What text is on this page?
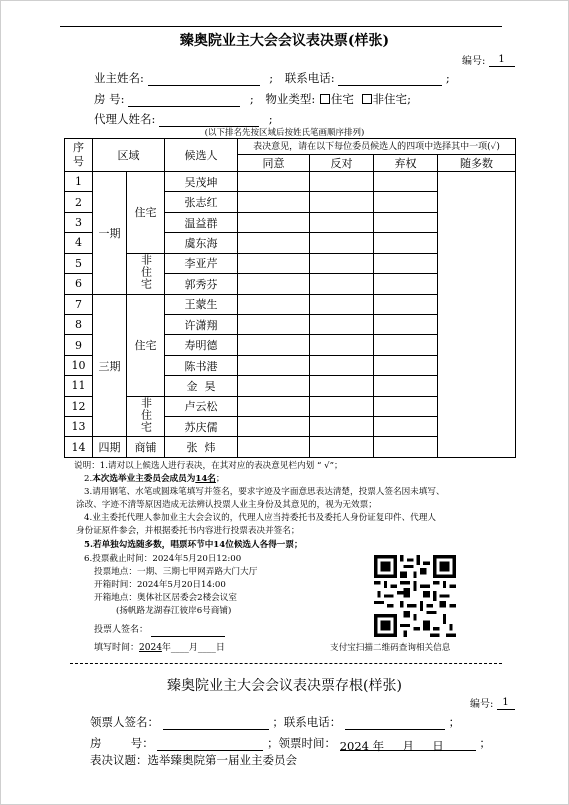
臻奥院业主大会会议表决票(样张)
编号: 1
业主姓名:	; 联系电话:	;
房 号:	; 物业类型: 住宅 非住宅;
代理人姓名:	;
(以下排名先按区域后按姓氏笔画顺序排列)
序号	区域		候选人	表决意见，请在以下每位委员候选人的四项中选择其中一项(✓)			
				同意	反对	弃权	随多数
1	一期	住宅	吴茂坤				
2			张志红				
3			温益群				
4			虞东海				
5		非住宅	李亚芹				
6			郭秀芬				
7	三期	住宅	王蒙生				
8			许潇翔				
9			寿明德				
10			陈书港				
11			金  昊				
12		非住宅	卢云松				
13			苏庆儒				
14	四期	商铺	张  炜				
说明：1.请对以上候选人进行表决，在其对应的表决意见栏内划 “ √”；
2.本次选举业主委员会成员为14名；
3.请用钢笔、水笔或圆珠笔填写并签名，要求字迹及字面意思表达清楚，投票人签名因未填写、
涂改、字迹不清等原因造成无法辨认投票人业主身份及其意见的，视为无效票；
4.业主委托代理人参加业主大会会议的，代理人应当持委托书及委托人身份证复印件、代理人
身份证原件参会，并根据委托书内容进行投票表决并签名；
5.若单独勾选随多数，唱票环节中14位候选人各得一票；
6.投票截止时间：2024年5月20日12:00
投票地点：一期、三期七甲网弄路大门大厅
开箱时间：2024年5月20日14:00
开箱地点：奥体社区居委会2楼会议室
(扬帆路龙湖春江彼岸6号商铺)
投票人签名：
填写时间：2024年____月____日	支付宝扫描二维码查询相关信息
臻奥院业主大会会议表决票存根(样张)
编号: 1
领票人签名：	；联系电话：	；
房        号：	；领票时间： 2024 年 月 日	；
表决议题：选举臻奥院第一届业主委员会
